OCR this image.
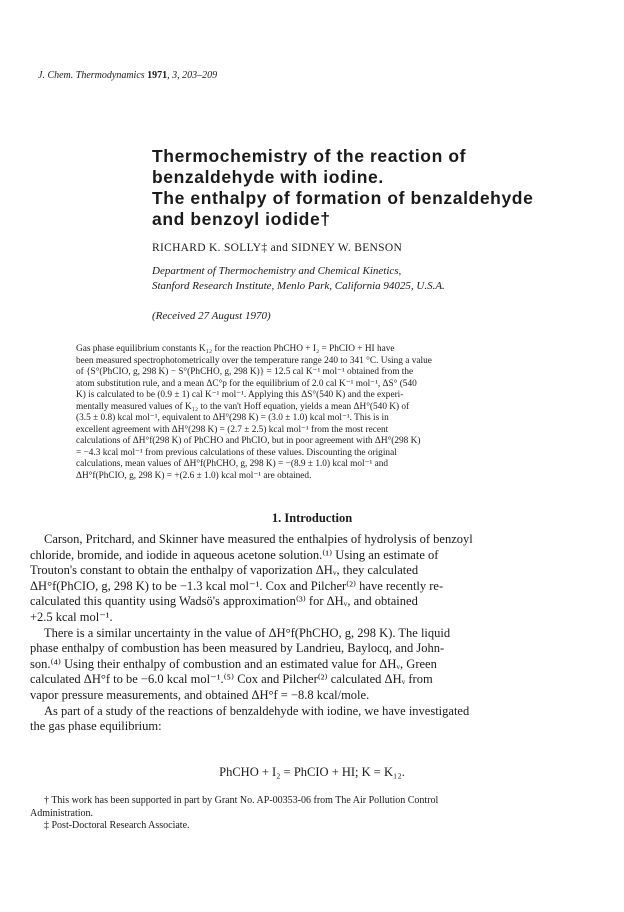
J. Chem. Thermodynamics 1971, 3, 203–209
Thermochemistry of the reaction of
benzaldehyde with iodine.
The enthalpy of formation of benzaldehyde
and benzoyl iodide†
RICHARD K. SOLLY‡ and SIDNEY W. BENSON
Department of Thermochemistry and Chemical Kinetics,
Stanford Research Institute, Menlo Park, California 94025, U.S.A.
(Received 27 August 1970)
Gas phase equilibrium constants K₁₂ for the reaction PhCHO + I₂ = PhCIO + HI have
been measured spectrophotometrically over the temperature range 240 to 341 °C. Using a value
of {S°(PhCIO, g, 298 K) − S°(PhCHO, g, 298 K)} = 12.5 cal K⁻¹ mol⁻¹ obtained from the
atom substitution rule, and a mean ΔC°p for the equilibrium of 2.0 cal K⁻¹ mol⁻¹, ΔS° (540
K) is calculated to be (0.9 ± 1) cal K⁻¹ mol⁻¹. Applying this ΔS°(540 K) and the experi-
mentally measured values of K₁₂ to the van't Hoff equation, yields a mean ΔH°(540 K) of
(3.5 ± 0.8) kcal mol⁻¹, equivalent to ΔH°(298 K) = (3.0 ± 1.0) kcal mol⁻¹. This is in
excellent agreement with ΔH°(298 K) = (2.7 ± 2.5) kcal mol⁻¹ from the most recent
calculations of ΔH°f(298 K) of PhCHO and PhCIO, but in poor agreement with ΔH°(298 K)
= −4.3 kcal mol⁻¹ from previous calculations of these values. Discounting the original
calculations, mean values of ΔH°f(PhCHO, g, 298 K) = −(8.9 ± 1.0) kcal mol⁻¹ and
ΔH°f(PhCIO, g, 298 K) = +(2.6 ± 1.0) kcal mol⁻¹ are obtained.
1. Introduction
Carson, Pritchard, and Skinner have measured the enthalpies of hydrolysis of benzoyl
chloride, bromide, and iodide in aqueous acetone solution.⁽¹⁾ Using an estimate of
Trouton's constant to obtain the enthalpy of vaporization ΔHᵥ, they calculated
ΔH°f(PhCIO, g, 298 K) to be −1.3 kcal mol⁻¹. Cox and Pilcher⁽²⁾ have recently re-
calculated this quantity using Wadsö's approximation⁽³⁾ for ΔHᵥ, and obtained
+2.5 kcal mol⁻¹.
There is a similar uncertainty in the value of ΔH°f(PhCHO, g, 298 K). The liquid
phase enthalpy of combustion has been measured by Landrieu, Baylocq, and John-
son.⁽⁴⁾ Using their enthalpy of combustion and an estimated value for ΔHᵥ, Green
calculated ΔH°f to be −6.0 kcal mol⁻¹.⁽⁵⁾ Cox and Pilcher⁽²⁾ calculated ΔHᵥ from
vapor pressure measurements, and obtained ΔH°f = −8.8 kcal/mole.
As part of a study of the reactions of benzaldehyde with iodine, we have investigated
the gas phase equilibrium:
PhCHO + I₂ = PhCIO + HI; K = K₁₂.
† This work has been supported in part by Grant No. AP-00353-06 from The Air Pollution Control
Administration.
‡ Post-Doctoral Research Associate.
